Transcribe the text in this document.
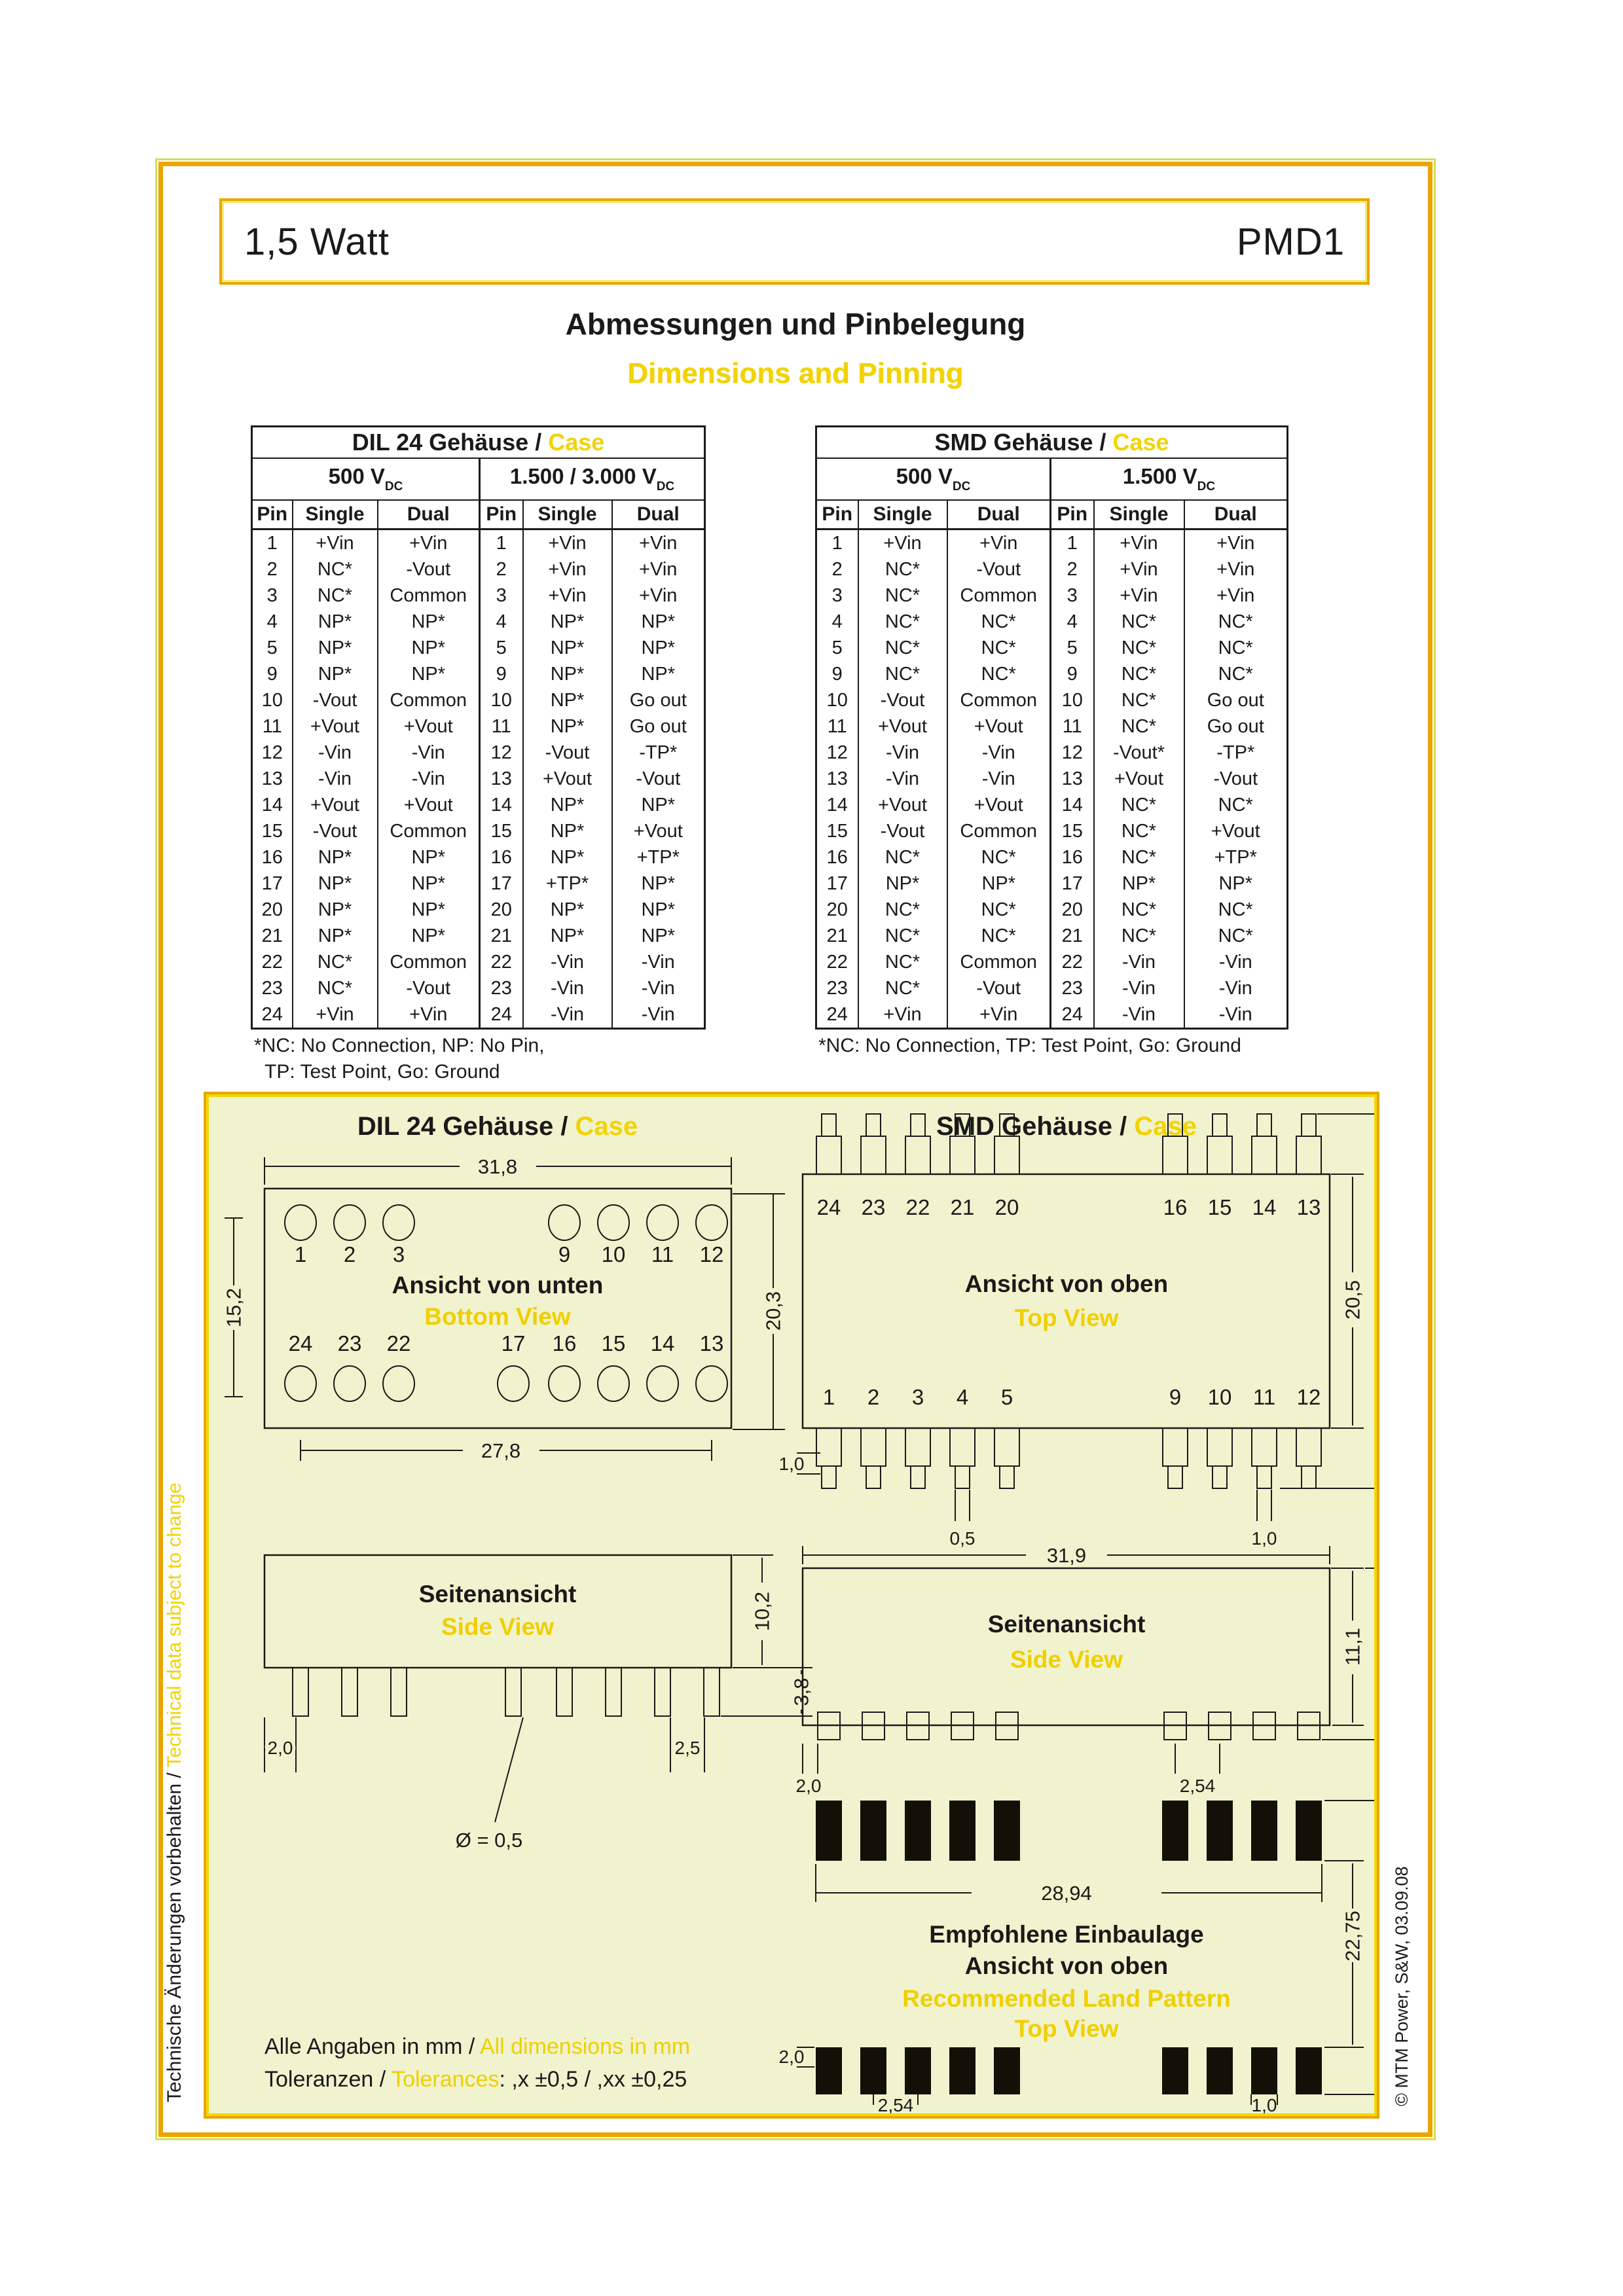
1,5 Watt	PMD1
Abmessungen und Pinbelegung
Dimensions and Pinning
DIL 24 Gehäuse / Case					
500 $V_{DC}$			1.500 / 3.000 $V_{DC}$
Pin	Single	Dual	Pin	Single	Dual
1	+Vin	+Vin	1	+Vin	+Vin
2	NC*	-Vout	2	+Vin	+Vin
3	NC*	Common	3	+Vin	+Vin
4	NP*	NP*	4	NP*	NP*
5	NP*	NP*	5	NP*	NP*
9	NP*	NP*	9	NP*	NP*
10	-Vout	Common	10	NP*	Go out
11	+Vout	+Vout	11	NP*	Go out
12	-Vin	-Vin	12	-Vout	-TP*
13	-Vin	-Vin	13	+Vout	-Vout
14	+Vout	+Vout	14	NP*	NP*
15	-Vout	Common	15	NP*	+Vout
16	NP*	NP*	16	NP*	+TP*
17	NP*	NP*	17	+TP*	NP*
20	NP*	NP*	20	NP*	NP*
21	NP*	NP*	21	NP*	NP*
22	NC*	Common	22	-Vin	-Vin
23	NC*	-Vout	23	-Vin	-Vin
24	+Vin	+Vin	24	-Vin	-Vin
*NC: No Connection, NP: No Pin,
TP: Test Point, Go: Ground
SMD Gehäuse / Case					
500 $V_{DC}$			1.500 $V_{DC}$
Pin	Single	Dual	Pin	Single	Dual
1	+Vin	+Vin	1	+Vin	+Vin
2	NC*	-Vout	2	+Vin	+Vin
3	NC*	Common	3	+Vin	+Vin
4	NC*	NC*	4	NC*	NC*
5	NC*	NC*	5	NC*	NC*
9	NC*	NC*	9	NC*	NC*
10	-Vout	Common	10	NC*	Go out
11	+Vout	+Vout	11	NC*	Go out
12	-Vin	-Vin	12	-Vout*	-TP*
13	-Vin	-Vin	13	+Vout	-Vout
14	+Vout	+Vout	14	NC*	NC*
15	-Vout	Common	15	NC*	+Vout
16	NC*	NC*	16	NC*	+TP*
17	NP*	NP*	17	NP*	NP*
20	NC*	NC*	20	NC*	NC*
21	NC*	NC*	21	NC*	NC*
22	NC*	Common	22	-Vin	-Vin
23	NC*	-Vout	23	-Vin	-Vin
24	+Vin	+Vin	24	-Vin	-Vin
*NC: No Connection, TP: Test Point, Go: Ground
DIL 24 Gehäuse / Case
31,8
1 2 3	9 10 11 12
Ansicht von unten
Bottom View
24 23 22	17 16 15 14 13
15,2	20,3
27,8
Seitenansicht
Side View	10,2
3,8
2,0	2,5
Ø = 0,5
Alle Angaben in mm / All dimensions in mm
Toleranzen / Tolerances: ,x ±0,5 / ,xx ±0,25
SMD Gehäuse / Case
24 23 22 21 20	16 15 14 13
Ansicht von oben
Top View
1 2 3 4 5	9 10 11 12
20,5
1,0
0,5	1,0
31,9
Seitenansicht
Side View	11,1
2,0	2,54
28,94
Empfohlene Einbaulage
Ansicht von oben
Recommended Land Pattern
Top View
22,75
2,0
2,54	1,0
Technische Änderungen vorbehalten / Technical data subject to change
© MTM Power, S&W, 03.09.08
